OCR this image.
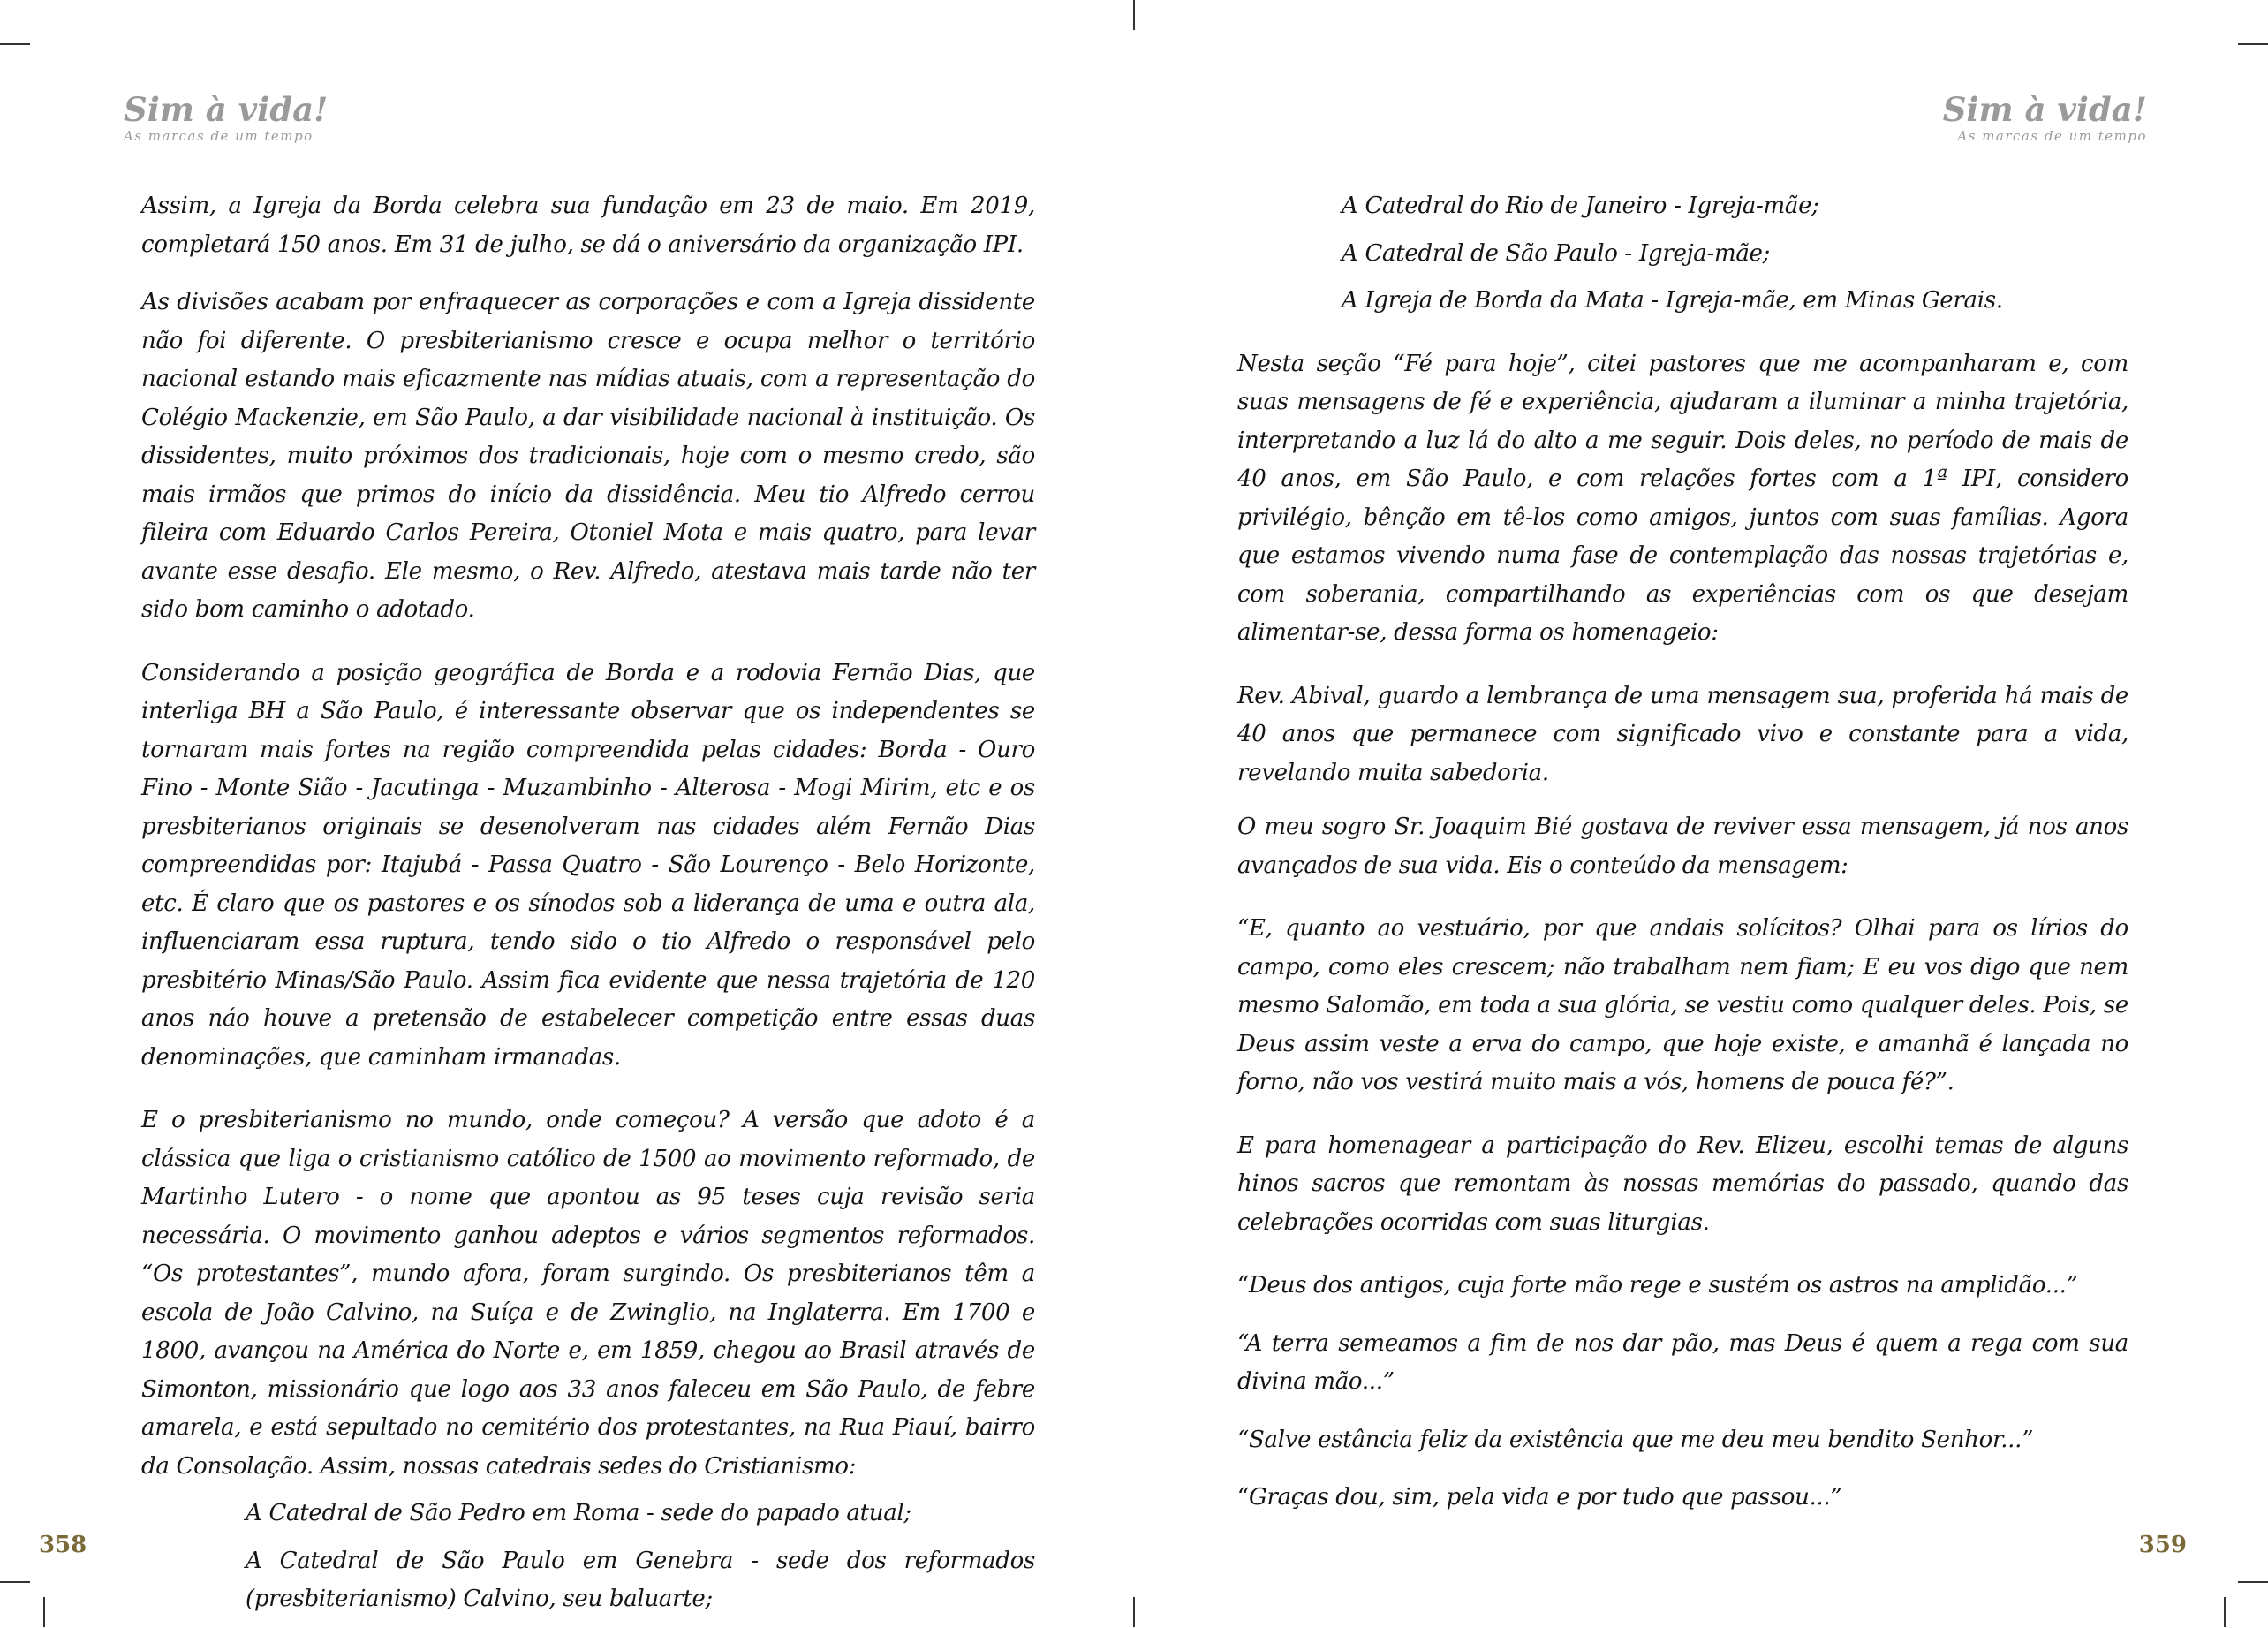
Sim à vida!
As marcas de um tempo

Assim, a Igreja da Borda celebra sua fundação em 23 de maio. Em 2019, completará 150 anos. Em 31 de julho, se dá o aniversário da organização IPI.

As divisões acabam por enfraquecer as corporações e com a Igreja dissidente não foi diferente. O presbiterianismo cresce e ocupa melhor o território nacional estando mais eficazmente nas mídias atuais, com a representação do Colégio Mackenzie, em São Paulo, a dar visibilidade nacional à instituição. Os dissidentes, muito próximos dos tradicionais, hoje com o mesmo credo, são mais irmãos que primos do início da dissidência. Meu tio Alfredo cerrou fileira com Eduardo Carlos Pereira, Otoniel Mota e mais quatro, para levar avante esse desafio. Ele mesmo, o Rev. Alfredo, atestava mais tarde não ter sido bom caminho o adotado.

Considerando a posição geográfica de Borda e a rodovia Fernão Dias, que interliga BH a São Paulo, é interessante observar que os independentes se tornaram mais fortes na região compreendida pelas cidades: Borda - Ouro Fino - Monte Sião - Jacutinga - Muzambinho - Alterosa - Mogi Mirim, etc e os presbiterianos originais se desenolveram nas cidades além Fernão Dias compreendidas por: Itajubá - Passa Quatro - São Lourenço - Belo Horizonte, etc. É claro que os pastores e os sínodos sob a liderança de uma e outra ala, influenciaram essa ruptura, tendo sido o tio Alfredo o responsável pelo presbitério Minas/São Paulo. Assim fica evidente que nessa trajetória de 120 anos náo houve a pretensão de estabelecer competição entre essas duas denominações, que caminham irmanadas.

E o presbiterianismo no mundo, onde começou? A versão que adoto é a clássica que liga o cristianismo católico de 1500 ao movimento reformado, de Martinho Lutero - o nome que apontou as 95 teses cuja revisão seria necessária. O movimento ganhou adeptos e vários segmentos reformados. “Os protestantes”, mundo afora, foram surgindo. Os presbiterianos têm a escola de João Calvino, na Suíça e de Zwinglio, na Inglaterra. Em 1700 e 1800, avançou na América do Norte e, em 1859, chegou ao Brasil através de Simonton, missionário que logo aos 33 anos faleceu em São Paulo, de febre amarela, e está sepultado no cemitério dos protestantes, na Rua Piauí, bairro da Consolação. Assim, nossas catedrais sedes do Cristianismo:

A Catedral de São Pedro em Roma - sede do papado atual;

A Catedral de São Paulo em Genebra - sede dos reformados (presbiterianismo) Calvino, seu baluarte;

358
Sim à vida!
As marcas de um tempo

A Catedral do Rio de Janeiro - Igreja-mãe;

A Catedral de São Paulo - Igreja-mãe;

A Igreja de Borda da Mata - Igreja-mãe, em Minas Gerais.

Nesta seção “Fé para hoje”, citei pastores que me acompanharam e, com suas mensagens de fé e experiência, ajudaram a iluminar a minha trajetória, interpretando a luz lá do alto a me seguir. Dois deles, no período de mais de 40 anos, em São Paulo, e com relações fortes com a 1ª IPI, considero privilégio, bênção em tê-los como amigos, juntos com suas famílias. Agora que estamos vivendo numa fase de contemplação das nossas trajetórias e, com soberania, compartilhando as experiências com os que desejam alimentar-se, dessa forma os homenageio:

Rev. Abival, guardo a lembrança de uma mensagem sua, proferida há mais de 40 anos que permanece com significado vivo e constante para a vida, revelando muita sabedoria.

O meu sogro Sr. Joaquim Bié gostava de reviver essa mensagem, já nos anos avançados de sua vida. Eis o conteúdo da mensagem:

“E, quanto ao vestuário, por que andais solícitos? Olhai para os lírios do campo, como eles crescem; não trabalham nem fiam; E eu vos digo que nem mesmo Salomão, em toda a sua glória, se vestiu como qualquer deles. Pois, se Deus assim veste a erva do campo, que hoje existe, e amanhã é lançada no forno, não vos vestirá muito mais a vós, homens de pouca fé?”.

E para homenagear a participação do Rev. Elizeu, escolhi temas de alguns hinos sacros que remontam às nossas memórias do passado, quando das celebrações ocorridas com suas liturgias.

“Deus dos antigos, cuja forte mão rege e sustém os astros na amplidão...”

“A terra semeamos a fim de nos dar pão, mas Deus é quem a rega com sua divina mão...”

“Salve estância feliz da existência que me deu meu bendito Senhor...”

“Graças dou, sim, pela vida e por tudo que passou...”

359
